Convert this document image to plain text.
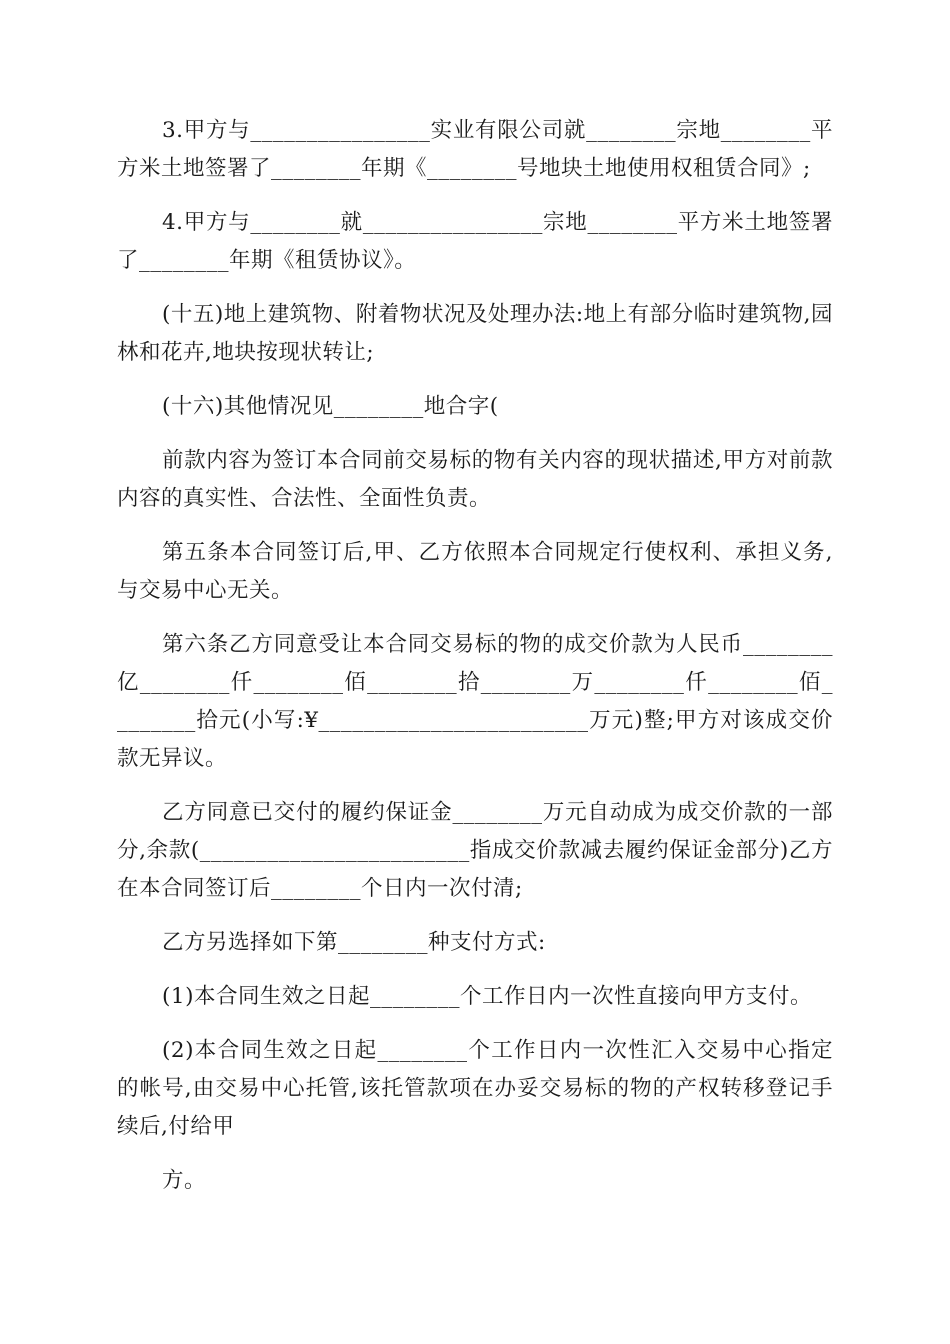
3.甲方与________________实业有限公司就________宗地________平方米土地签署了________年期《________号地块土地使用权租赁合同》;

4.甲方与________就________________宗地________平方米土地签署了________年期《租赁协议》。

(十五)地上建筑物、附着物状况及处理办法:地上有部分临时建筑物,园林和花卉,地块按现状转让;

(十六)其他情况见________地合字(

前款内容为签订本合同前交易标的物有关内容的现状描述,甲方对前款内容的真实性、合法性、全面性负责。

第五条本合同签订后,甲、乙方依照本合同规定行使权利、承担义务,与交易中心无关。

第六条乙方同意受让本合同交易标的物的成交价款为人民币________亿________仟________佰________拾________万________仟________佰________拾元(小写:¥________________________万元)整;甲方对该成交价款无异议。

乙方同意已交付的履约保证金________万元自动成为成交价款的一部分,余款(________________________指成交价款减去履约保证金部分)乙方在本合同签订后________个日内一次付清;

乙方另选择如下第________种支付方式:

(1)本合同生效之日起________个工作日内一次性直接向甲方支付。

(2)本合同生效之日起________个工作日内一次性汇入交易中心指定的帐号,由交易中心托管,该托管款项在办妥交易标的物的产权转移登记手续后,付给甲

方。
